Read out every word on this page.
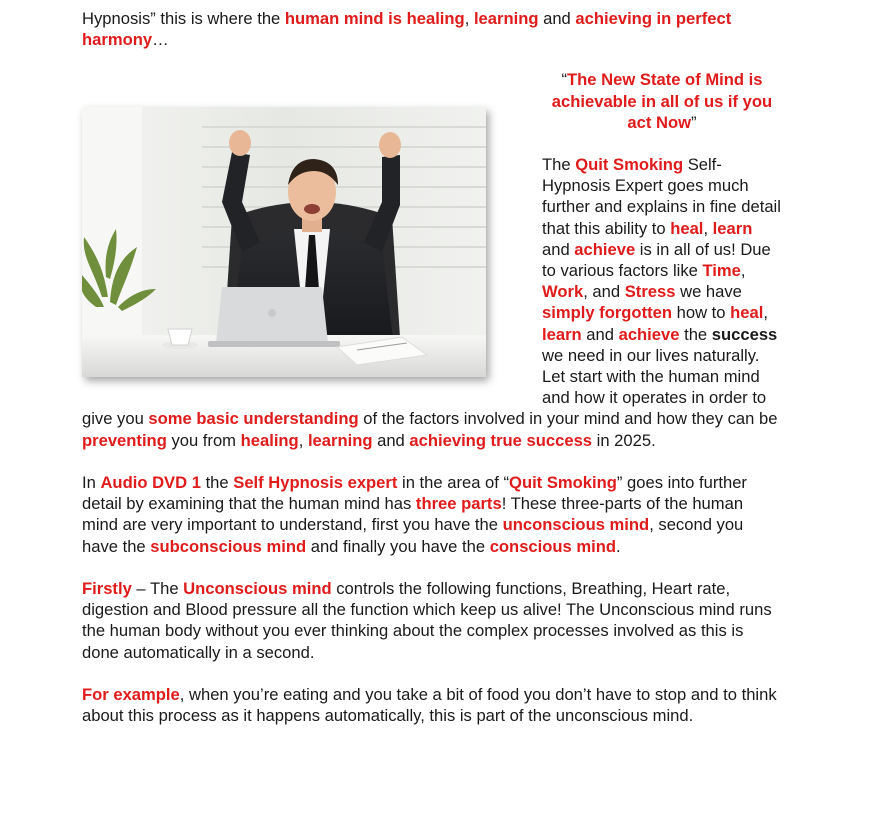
Hypnosis” this is where the human mind is healing, learning and achieving in perfect harmony…

“The New State of Mind is achievable in all of us if you act Now”

The Quit Smoking Self-Hypnosis Expert goes much further and explains in fine detail that this ability to heal, learn and achieve is in all of us! Due to various factors like Time, Work, and Stress we have simply forgotten how to heal, learn and achieve the success we need in our lives naturally. Let start with the human mind and how it operates in order to give you some basic understanding of the factors involved in your mind and how they can be preventing you from healing, learning and achieving true success in 2025.

In Audio DVD 1 the Self Hypnosis expert in the area of “Quit Smoking” goes into further detail by examining that the human mind has three parts! These three-parts of the human mind are very important to understand, first you have the unconscious mind, second you have the subconscious mind and finally you have the conscious mind.

Firstly – The Unconscious mind controls the following functions, Breathing, Heart rate, digestion and Blood pressure all the function which keep us alive! The Unconscious mind runs the human body without you ever thinking about the complex processes involved as this is done automatically in a second.

For example, when you’re eating and you take a bit of food you don’t have to stop and to think about this process as it happens automatically, this is part of the unconscious mind.
